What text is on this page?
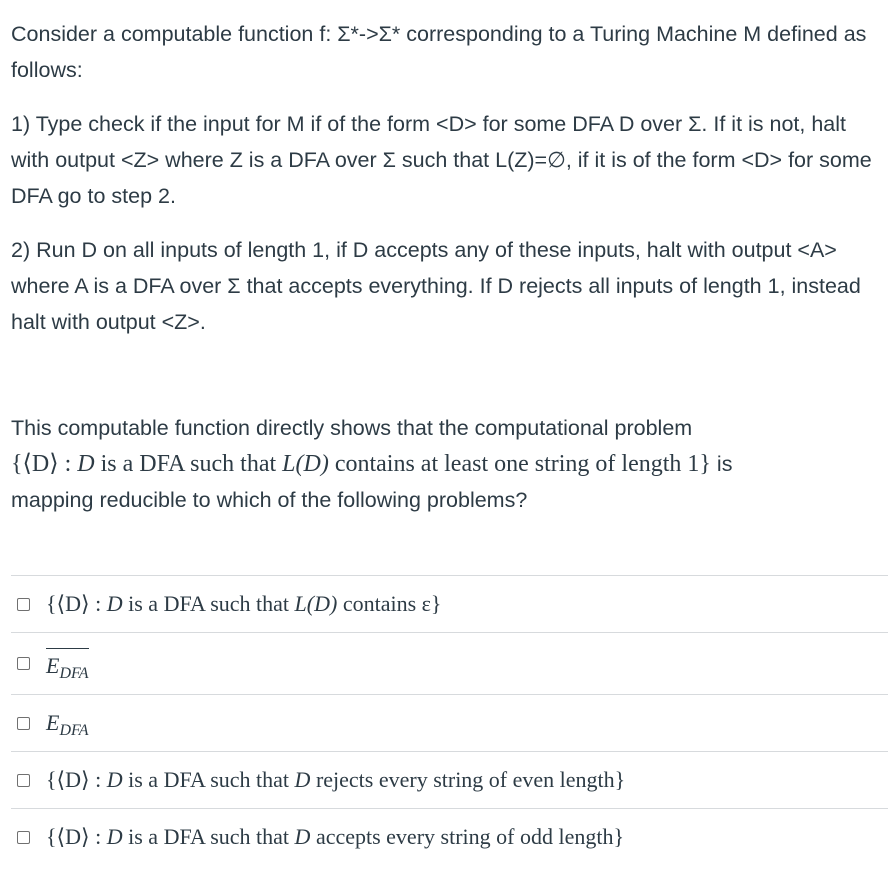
Consider a computable function f: Σ*->Σ* corresponding to a Turing Machine M defined as follows:

1) Type check if the input for M if of the form <D> for some DFA D over Σ. If it is not, halt with output <Z> where Z is a DFA over Σ such that L(Z)=∅, if it is of the form <D> for some DFA go to step 2.

2) Run D on all inputs of length 1, if D accepts any of these inputs, halt with output <A> where A is a DFA over Σ that accepts everything. If D rejects all inputs of length 1, instead halt with output <Z>.

This computable function directly shows that the computational problem
{⟨D⟩ : D is a DFA such that L(D) contains at least one string of length 1} is
mapping reducible to which of the following problems?

{⟨D⟩ : D is a DFA such that L(D) contains ε}
$E_{DFA}$
$E_{DFA}$
{⟨D⟩ : D is a DFA such that D rejects every string of even length}
{⟨D⟩ : D is a DFA such that D accepts every string of odd length}
